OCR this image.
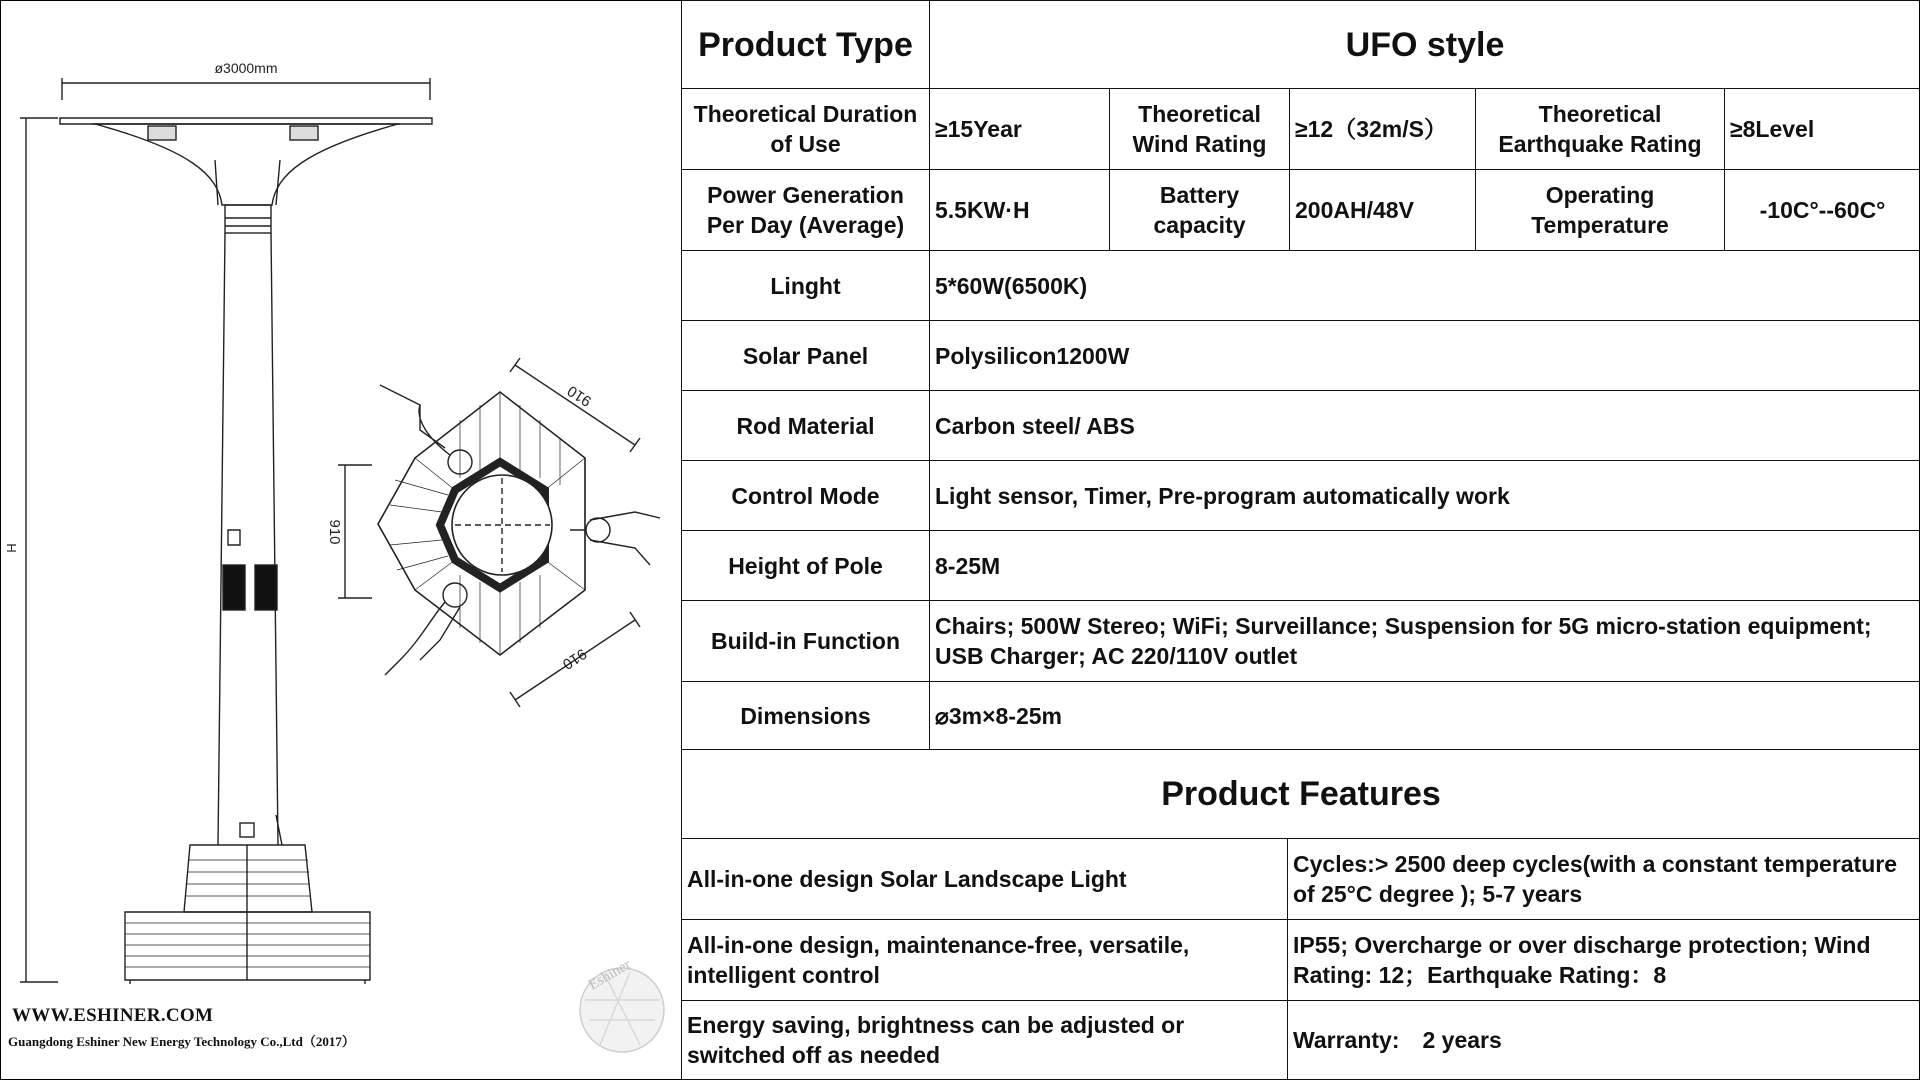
ø3000mm
H
910
910
910
Eshiner
WWW.ESHINER.COM
Guangdong Eshiner New Energy Technology Co.,Ltd（2017）
Product Type	UFO style				
Theoretical Duration of Use	≥15Year	Theoretical Wind Rating	≥12（32m/S）	Theoretical Earthquake Rating	≥8Level
Power Generation Per Day (Average)	5.5KW·H	Battery capacity	200AH/48V	Operating Temperature	-10C°--60C°
Linght	5*60W(6500K)				
Solar Panel	Polysilicon1200W				
Rod Material	Carbon steel/ ABS				
Control Mode	Light sensor, Timer, Pre-program automatically work				
Height of Pole	8-25M				
Build-in Function	Chairs; 500W Stereo; WiFi; Surveillance; Suspension for 5G micro-station equipment; USB Charger; AC 220/110V outlet				
Dimensions	⌀3m×8-25m				
Product Features	
All-in-one design Solar Landscape Light	Cycles:> 2500 deep cycles(with a constant temperature of 25°C degree ); 5-7 years
All-in-one design, maintenance-free, versatile, intelligent control	IP55; Overcharge or over discharge protection; Wind Rating: 12；Earthquake Rating：8
Energy saving, brightness can be adjusted or switched off as needed	Warranty:　2 years
